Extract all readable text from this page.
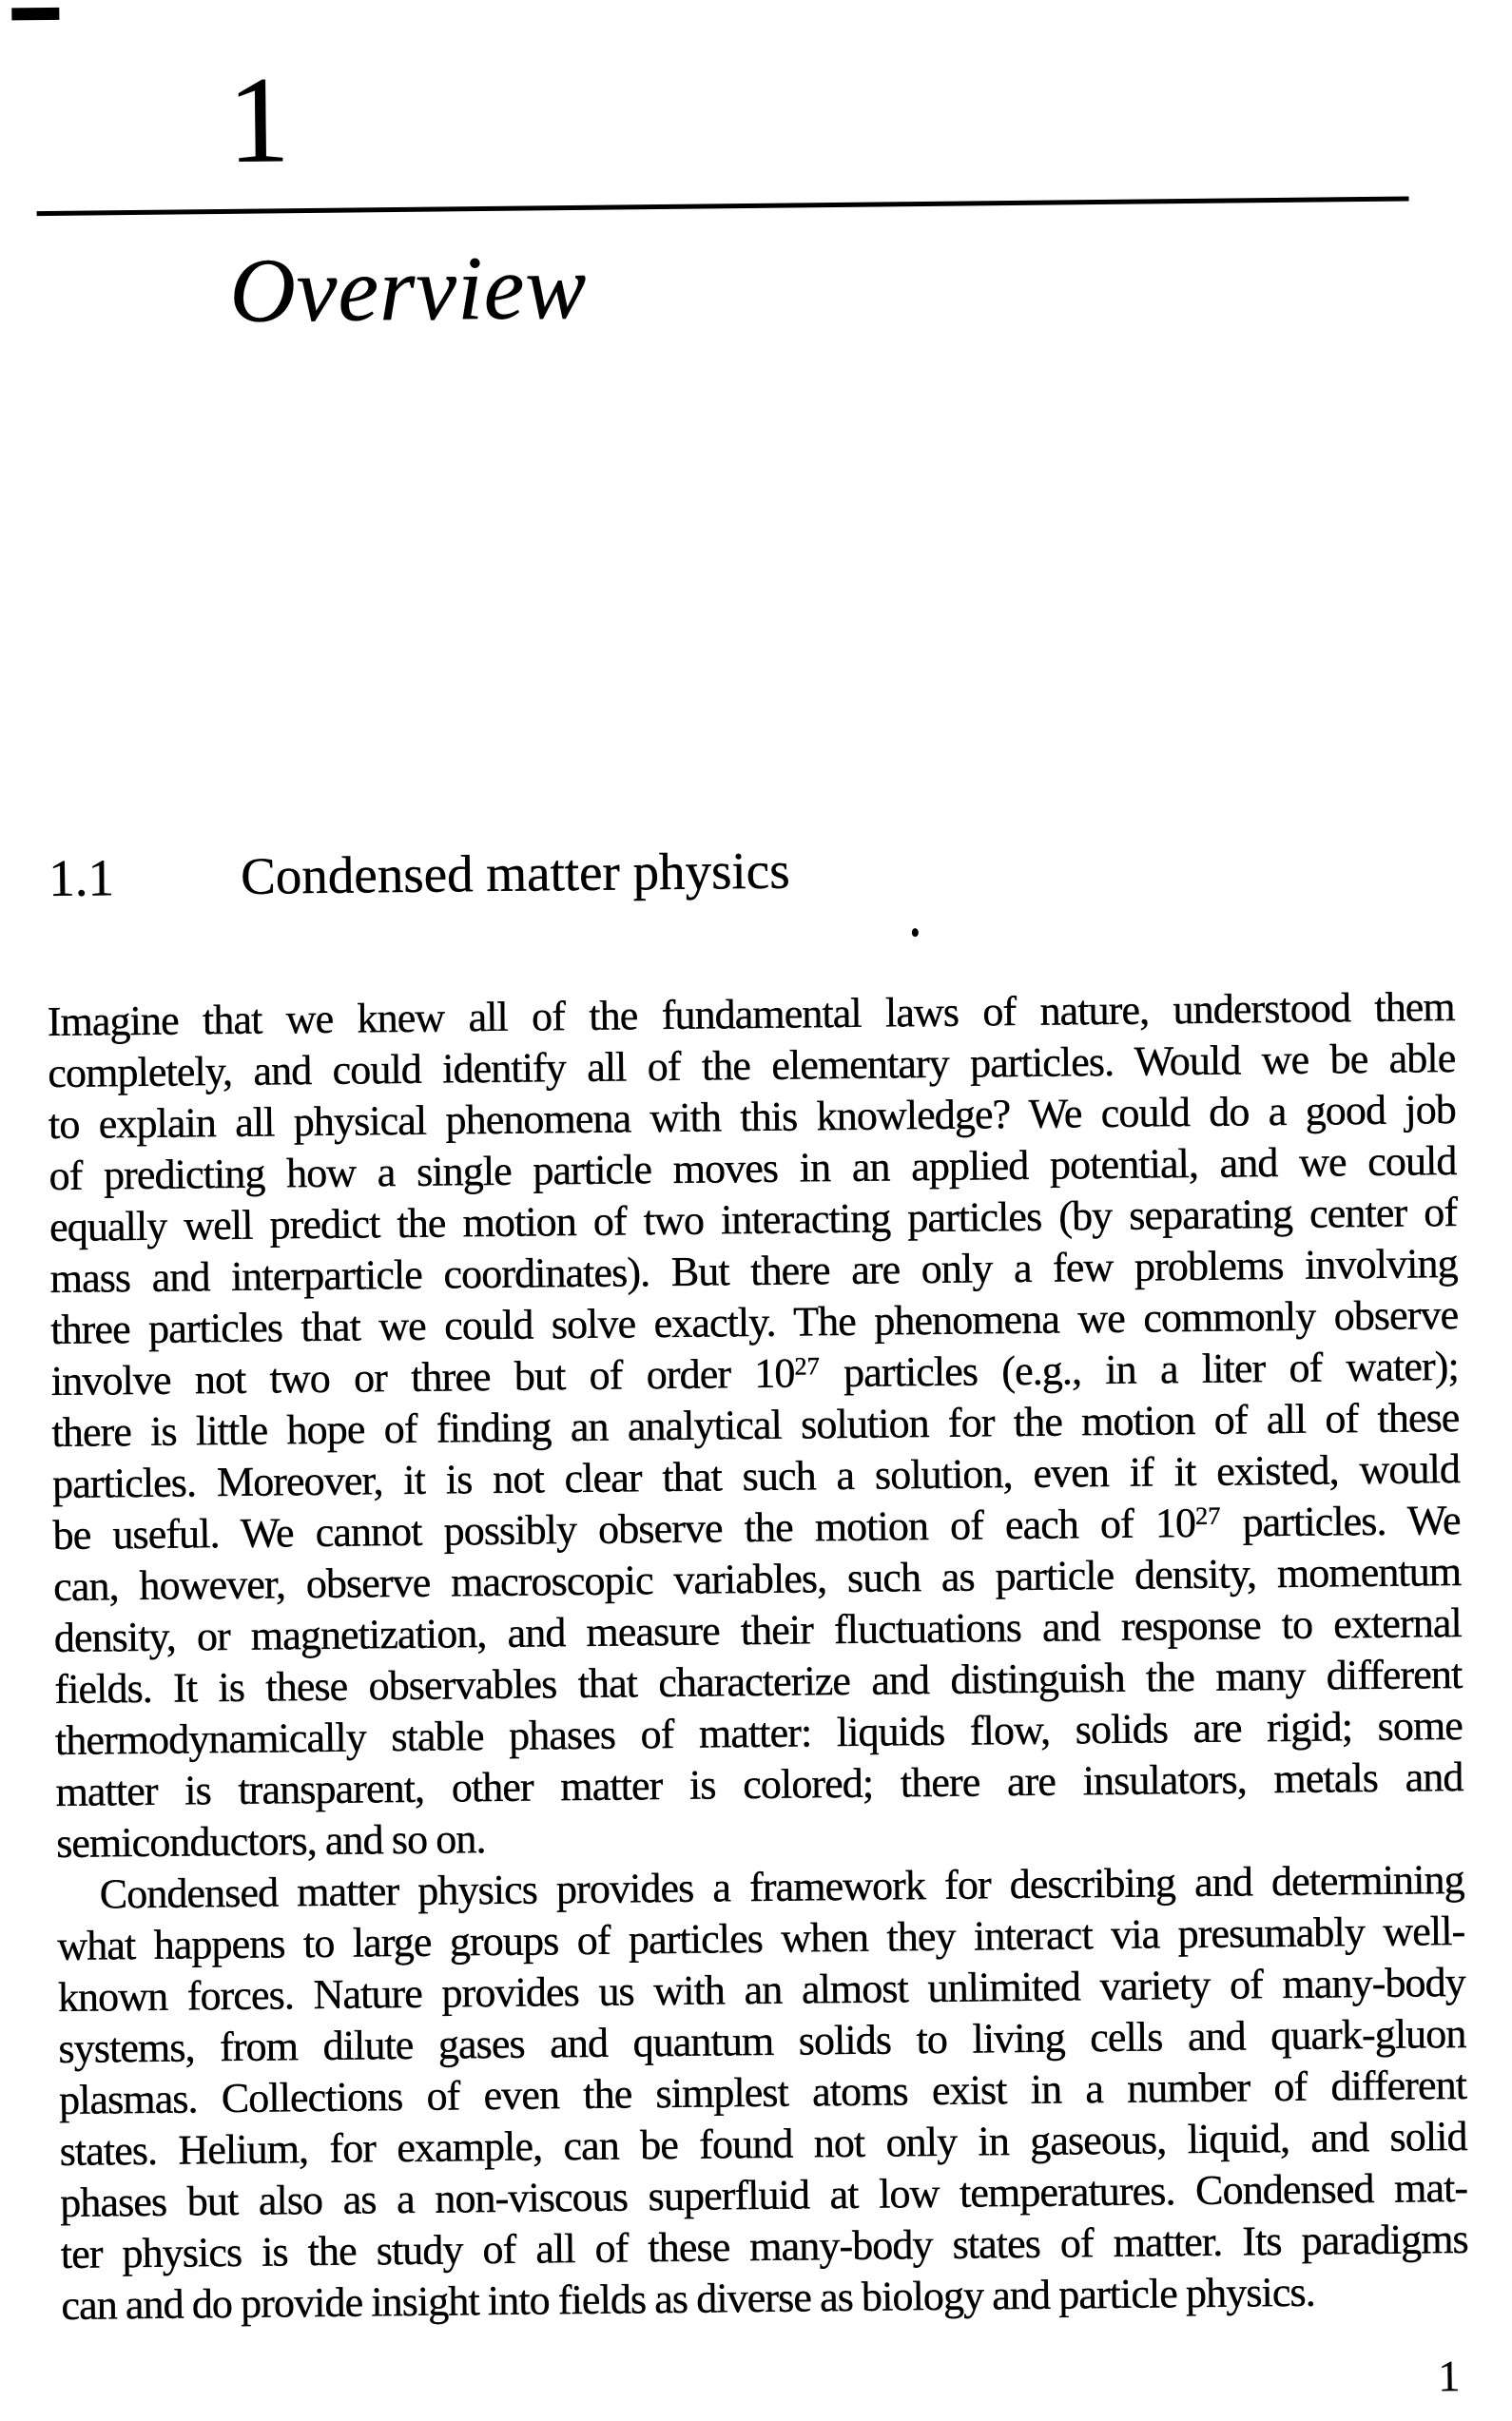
1
Overview
1.1 Condensed matter physics
Imagine that we knew all of the fundamental laws of nature, understood them
completely, and could identify all of the elementary particles. Would we be able
to explain all physical phenomena with this knowledge? We could do a good job
of predicting how a single particle moves in an applied potential, and we could
equally well predict the motion of two interacting particles (by separating center of
mass and interparticle coordinates). But there are only a few problems involving
three particles that we could solve exactly. The phenomena we commonly observe
involve not two or three but of order $10^{27}$ particles (e.g., in a liter of water);
there is little hope of finding an analytical solution for the motion of all of these
particles. Moreover, it is not clear that such a solution, even if it existed, would
be useful. We cannot possibly observe the motion of each of $10^{27}$ particles. We
can, however, observe macroscopic variables, such as particle density, momentum
density, or magnetization, and measure their fluctuations and response to external
fields. It is these observables that characterize and distinguish the many different
thermodynamically stable phases of matter: liquids flow, solids are rigid; some
matter is transparent, other matter is colored; there are insulators, metals and
semiconductors, and so on.
Condensed matter physics provides a framework for describing and determining
what happens to large groups of particles when they interact via presumably well-
known forces. Nature provides us with an almost unlimited variety of many-body
systems, from dilute gases and quantum solids to living cells and quark-gluon
plasmas. Collections of even the simplest atoms exist in a number of different
states. Helium, for example, can be found not only in gaseous, liquid, and solid
phases but also as a non-viscous superfluid at low temperatures. Condensed mat-
ter physics is the study of all of these many-body states of matter. Its paradigms
can and do provide insight into fields as diverse as biology and particle physics.
1
